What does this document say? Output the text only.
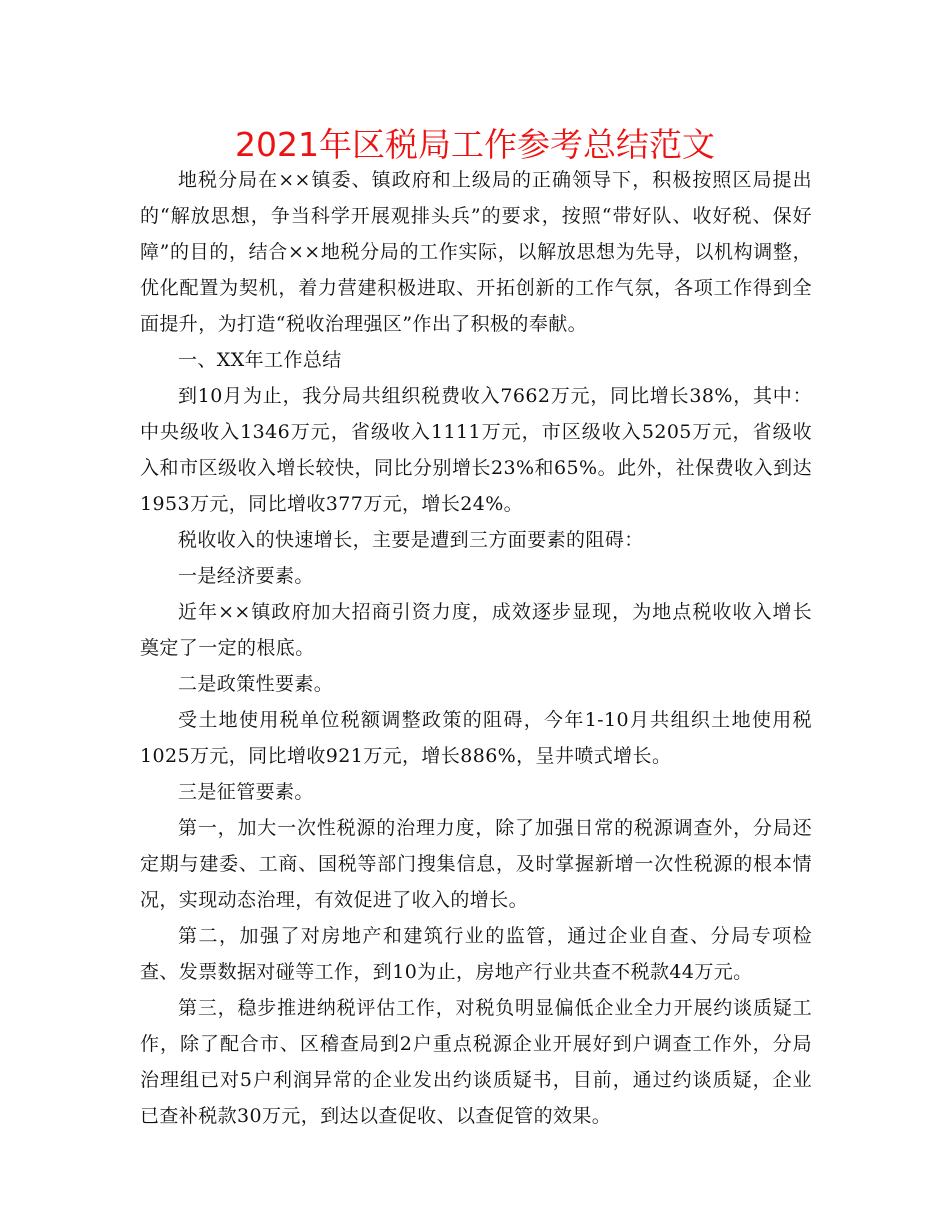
2021年区税局工作参考总结范文

地税分局在××镇委、镇政府和上级局的正确领导下，积极按照区局提出的“解放思想，争当科学开展观排头兵”的要求，按照“带好队、收好税、保好障”的目的，结合××地税分局的工作实际，以解放思想为先导，以机构调整，优化配置为契机，着力营建积极进取、开拓创新的工作气氛，各项工作得到全面提升，为打造“税收治理强区”作出了积极的奉献。

一、XX年工作总结

到10月为止，我分局共组织税费收入7662万元，同比增长38%，其中：中央级收入1346万元，省级收入1111万元，市区级收入5205万元，省级收入和市区级收入增长较快，同比分别增长23%和65%。此外，社保费收入到达1953万元，同比增收377万元，增长24%。

税收收入的快速增长，主要是遭到三方面要素的阻碍：

一是经济要素。

近年××镇政府加大招商引资力度，成效逐步显现，为地点税收收入增长奠定了一定的根底。

二是政策性要素。

受土地使用税单位税额调整政策的阻碍，今年1-10月共组织土地使用税1025万元，同比增收921万元，增长886%，呈井喷式增长。

三是征管要素。

第一，加大一次性税源的治理力度，除了加强日常的税源调查外，分局还定期与建委、工商、国税等部门搜集信息，及时掌握新增一次性税源的根本情况，实现动态治理，有效促进了收入的增长。

第二，加强了对房地产和建筑行业的监管，通过企业自查、分局专项检查、发票数据对碰等工作，到10为止，房地产行业共查不税款44万元。

第三，稳步推进纳税评估工作，对税负明显偏低企业全力开展约谈质疑工作，除了配合市、区稽查局到2户重点税源企业开展好到户调查工作外，分局治理组已对5户利润异常的企业发出约谈质疑书，目前，通过约谈质疑，企业已查补税款30万元，到达以查促收、以查促管的效果。
